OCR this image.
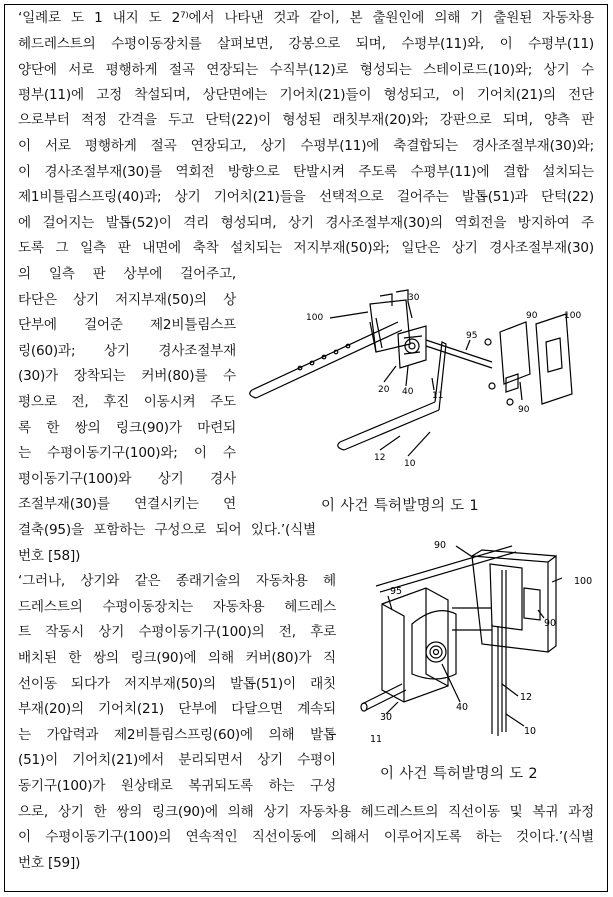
‘일례로 도 1 내지 도 2⁷⁾에서 나타낸 것과 같이, 본 출원인에 의해 기 출원된 자동차용

헤드레스트의 수평이동장치를 살펴보면, 강봉으로 되며, 수평부(11)와, 이 수평부(11)

양단에 서로 평행하게 절곡 연장되는 수직부(12)로 형성되는 스테이로드(10)와; 상기 수

평부(11)에 고정 착설되며, 상단면에는 기어치(21)들이 형성되고, 이 기어치(21)의 전단

으로부터 적정 간격을 두고 단턱(22)이 형성된 래칫부재(20)와; 강판으로 되며, 양측 판

이 서로 평행하게 절곡 연장되고, 상기 수평부(11)에 축결합되는 경사조절부재(30)와;

이 경사조절부재(30)를 역회전 방향으로 탄발시켜 주도록 수평부(11)에 결합 설치되는

제1비틀림스프링(40)과; 상기 기어치(21)들을 선택적으로 걸어주는 발톱(51)과 단턱(22)

에 걸어지는 발톱(52)이 격리 형성되며, 상기 경사조절부재(30)의 역회전을 방지하여 주

도록 그 일측 판 내면에 축착 설치되는 저지부재(50)와; 일단은 상기 경사조절부재(30)

의 일측 판 상부에 걸어주고,

타단은 상기 저지부재(50)의 상

단부에 걸어준 제2비틀림스프

링(60)과; 상기 경사조절부재

(30)가 장착되는 커버(80)를 수

평으로 전, 후진 이동시켜 주도

록 한 쌍의 링크(90)가 마련되

는 수평이동기구(100)와; 이 수

평이동기구(100)와 상기 경사

조절부재(30)를 연결시키는 연

결축(95)을 포함하는 구성으로 되어 있다.’(식별

번호 [58])

‘그러나, 상기와 같은 종래기술의 자동차용 헤

드레스트의 수평이동장치는 자동차용 헤드레스

트 작동시 상기 수평이동기구(100)의 전, 후로

배치된 한 쌍의 링크(90)에 의해 커버(80)가 직

선이동 되다가 저지부재(50)의 발톱(51)이 래칫

부재(20)의 기어치(21) 단부에 다달으면 계속되

는 가압력과 제2비틀림스프링(60)에 의해 발톱

(51)이 기어치(21)에서 분리되면서 상기 수평이

동기구(100)가 원상태로 복귀되도록 하는 구성

으로, 상기 한 쌍의 링크(90)에 의해 상기 자동차용 헤드레스트의 직선이동 및 복귀 과정

이 수평이동기구(100)의 연속적인 직선이동에 의해서 이루어지도록 하는 것이다.’(식별

번호 [59])

100
30
95
90	100
20 40 11
90
12
10
이 사건 특허발명의 도 1
90
100
95
90
12
30
40
11
10
이 사건 특허발명의 도 2
